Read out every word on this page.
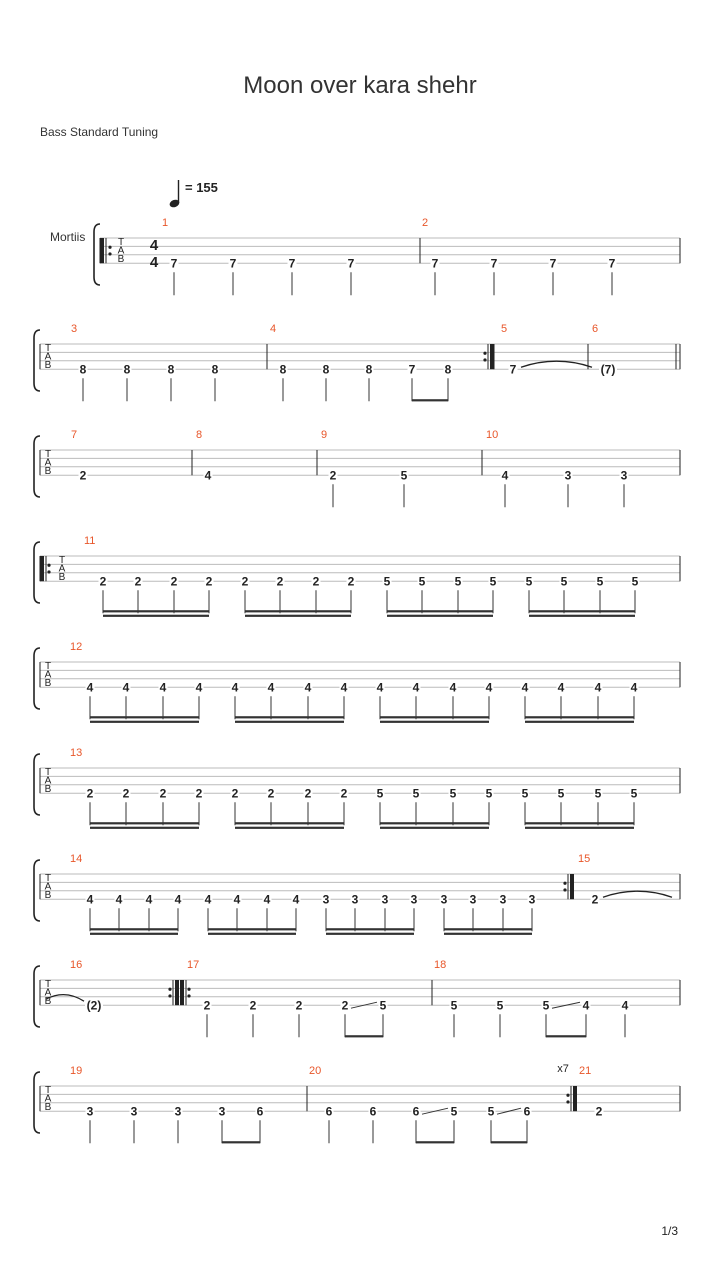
Moon over kara shehr
Bass Standard Tuning
= 155
Mortiis	T
A
B
4
4
1
7	7	7	7
2
7	7	7	7
T
A
B
3
8	8	8	8
4
8	8	8	7 8
5
7
6
(7)
T
A
B
7
2
8
4
9
2	5
10
4	3	3
T
A
B
11
2 2 2 2 2 2 2 2 5 5 5 5 5 5 5 5
T
A
B
12
4 4	4 4 4 4	4 4 4 4	4 4 4 4	4 4
T
A
B
13
2 2	2 2 2 2	2 2 5 5	5 5 5 5	5 5
T
A
B
14
4 4 4 4 4 4 4 4 3 3 3 3 3 3 3 3
15
2
T
A
B
16
(2)
17
2	2	2	2	5
18
5	5	5	4	4
T
A
B
x7
19
3	3	3	3	6
20
6	6	6	5	5 6
21
2
1/3
